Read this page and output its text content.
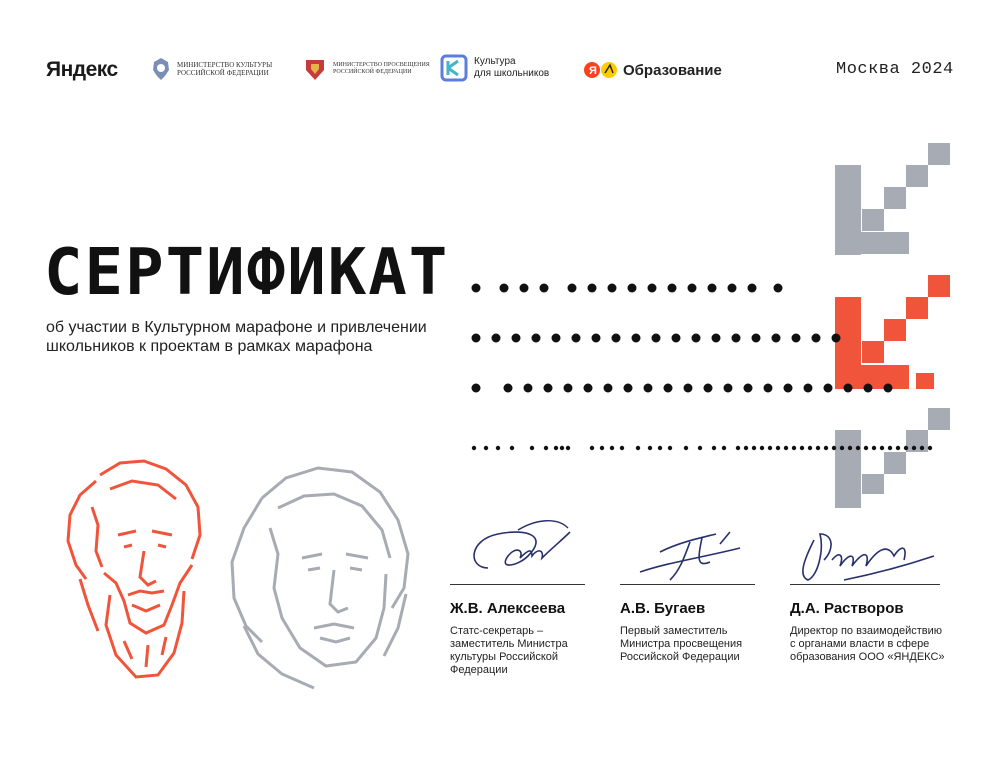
Яндекс	МИНИСТЕРСТВО КУЛЬТУРЫ
РОССИЙСКОЙ ФЕДЕРАЦИИ
МИНИСТЕРСТВО ПРОСВЕЩЕНИЯ
РОССИЙСКОЙ ФЕДЕРАЦИИ
Культура
для школьников	Я Образование	Москва 2024
СЕРТИФИКАТ
об участии в Культурном марафоне и привлечении
школьников к проектам в рамках марафона
Ж.В. Алексеева
Статс-секретарь –
заместитель Министра
культуры Российской
Федерации
А.В. Бугаев
Первый заместитель
Министра просвещения
Российской Федерации
Д.А. Растворов
Директор по взаимодействию
с органами власти в сфере
образования ООО «ЯНДЕКС»
